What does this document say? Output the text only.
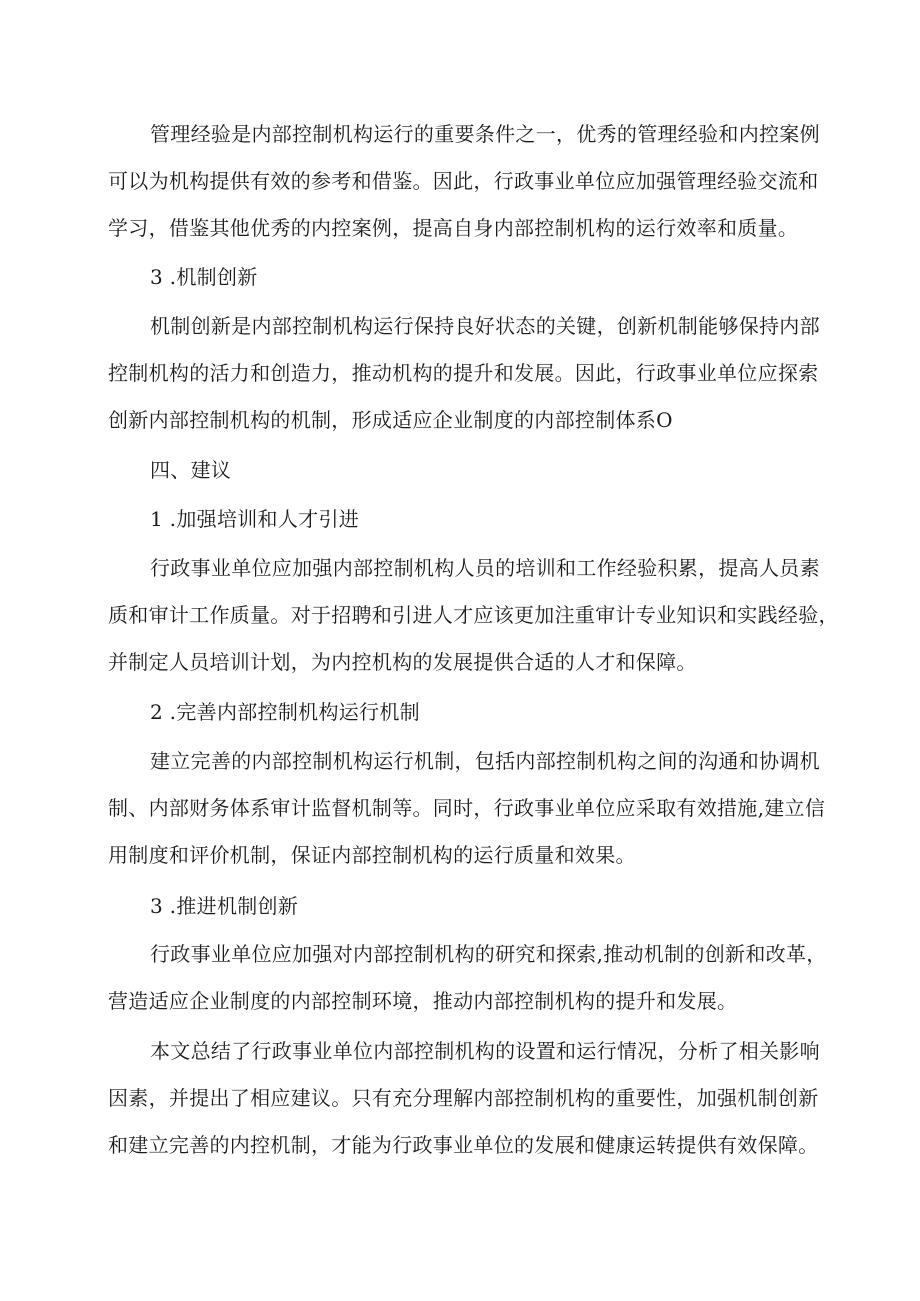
管理经验是内部控制机构运行的重要条件之一，优秀的管理经验和内控案例
可以为机构提供有效的参考和借鉴。因此，行政事业单位应加强管理经验交流和
学习，借鉴其他优秀的内控案例，提高自身内部控制机构的运行效率和质量。
3 .机制创新
机制创新是内部控制机构运行保持良好状态的关键，创新机制能够保持内部
控制机构的活力和创造力，推动机构的提升和发展。因此，行政事业单位应探索
创新内部控制机构的机制，形成适应企业制度的内部控制体系O
四、建议
1 .加强培训和人才引进
行政事业单位应加强内部控制机构人员的培训和工作经验积累，提高人员素
质和审计工作质量。对于招聘和引进人才应该更加注重审计专业知识和实践经验，
并制定人员培训计划，为内控机构的发展提供合适的人才和保障。
2 .完善内部控制机构运行机制
建立完善的内部控制机构运行机制，包括内部控制机构之间的沟通和协调机
制、内部财务体系审计监督机制等。同时，行政事业单位应采取有效措施,建立信
用制度和评价机制，保证内部控制机构的运行质量和效果。
3 .推进机制创新
行政事业单位应加强对内部控制机构的研究和探索,推动机制的创新和改革，
营造适应企业制度的内部控制环境，推动内部控制机构的提升和发展。
本文总结了行政事业单位内部控制机构的设置和运行情况，分析了相关影响
因素，并提出了相应建议。只有充分理解内部控制机构的重要性，加强机制创新
和建立完善的内控机制，才能为行政事业单位的发展和健康运转提供有效保障。
